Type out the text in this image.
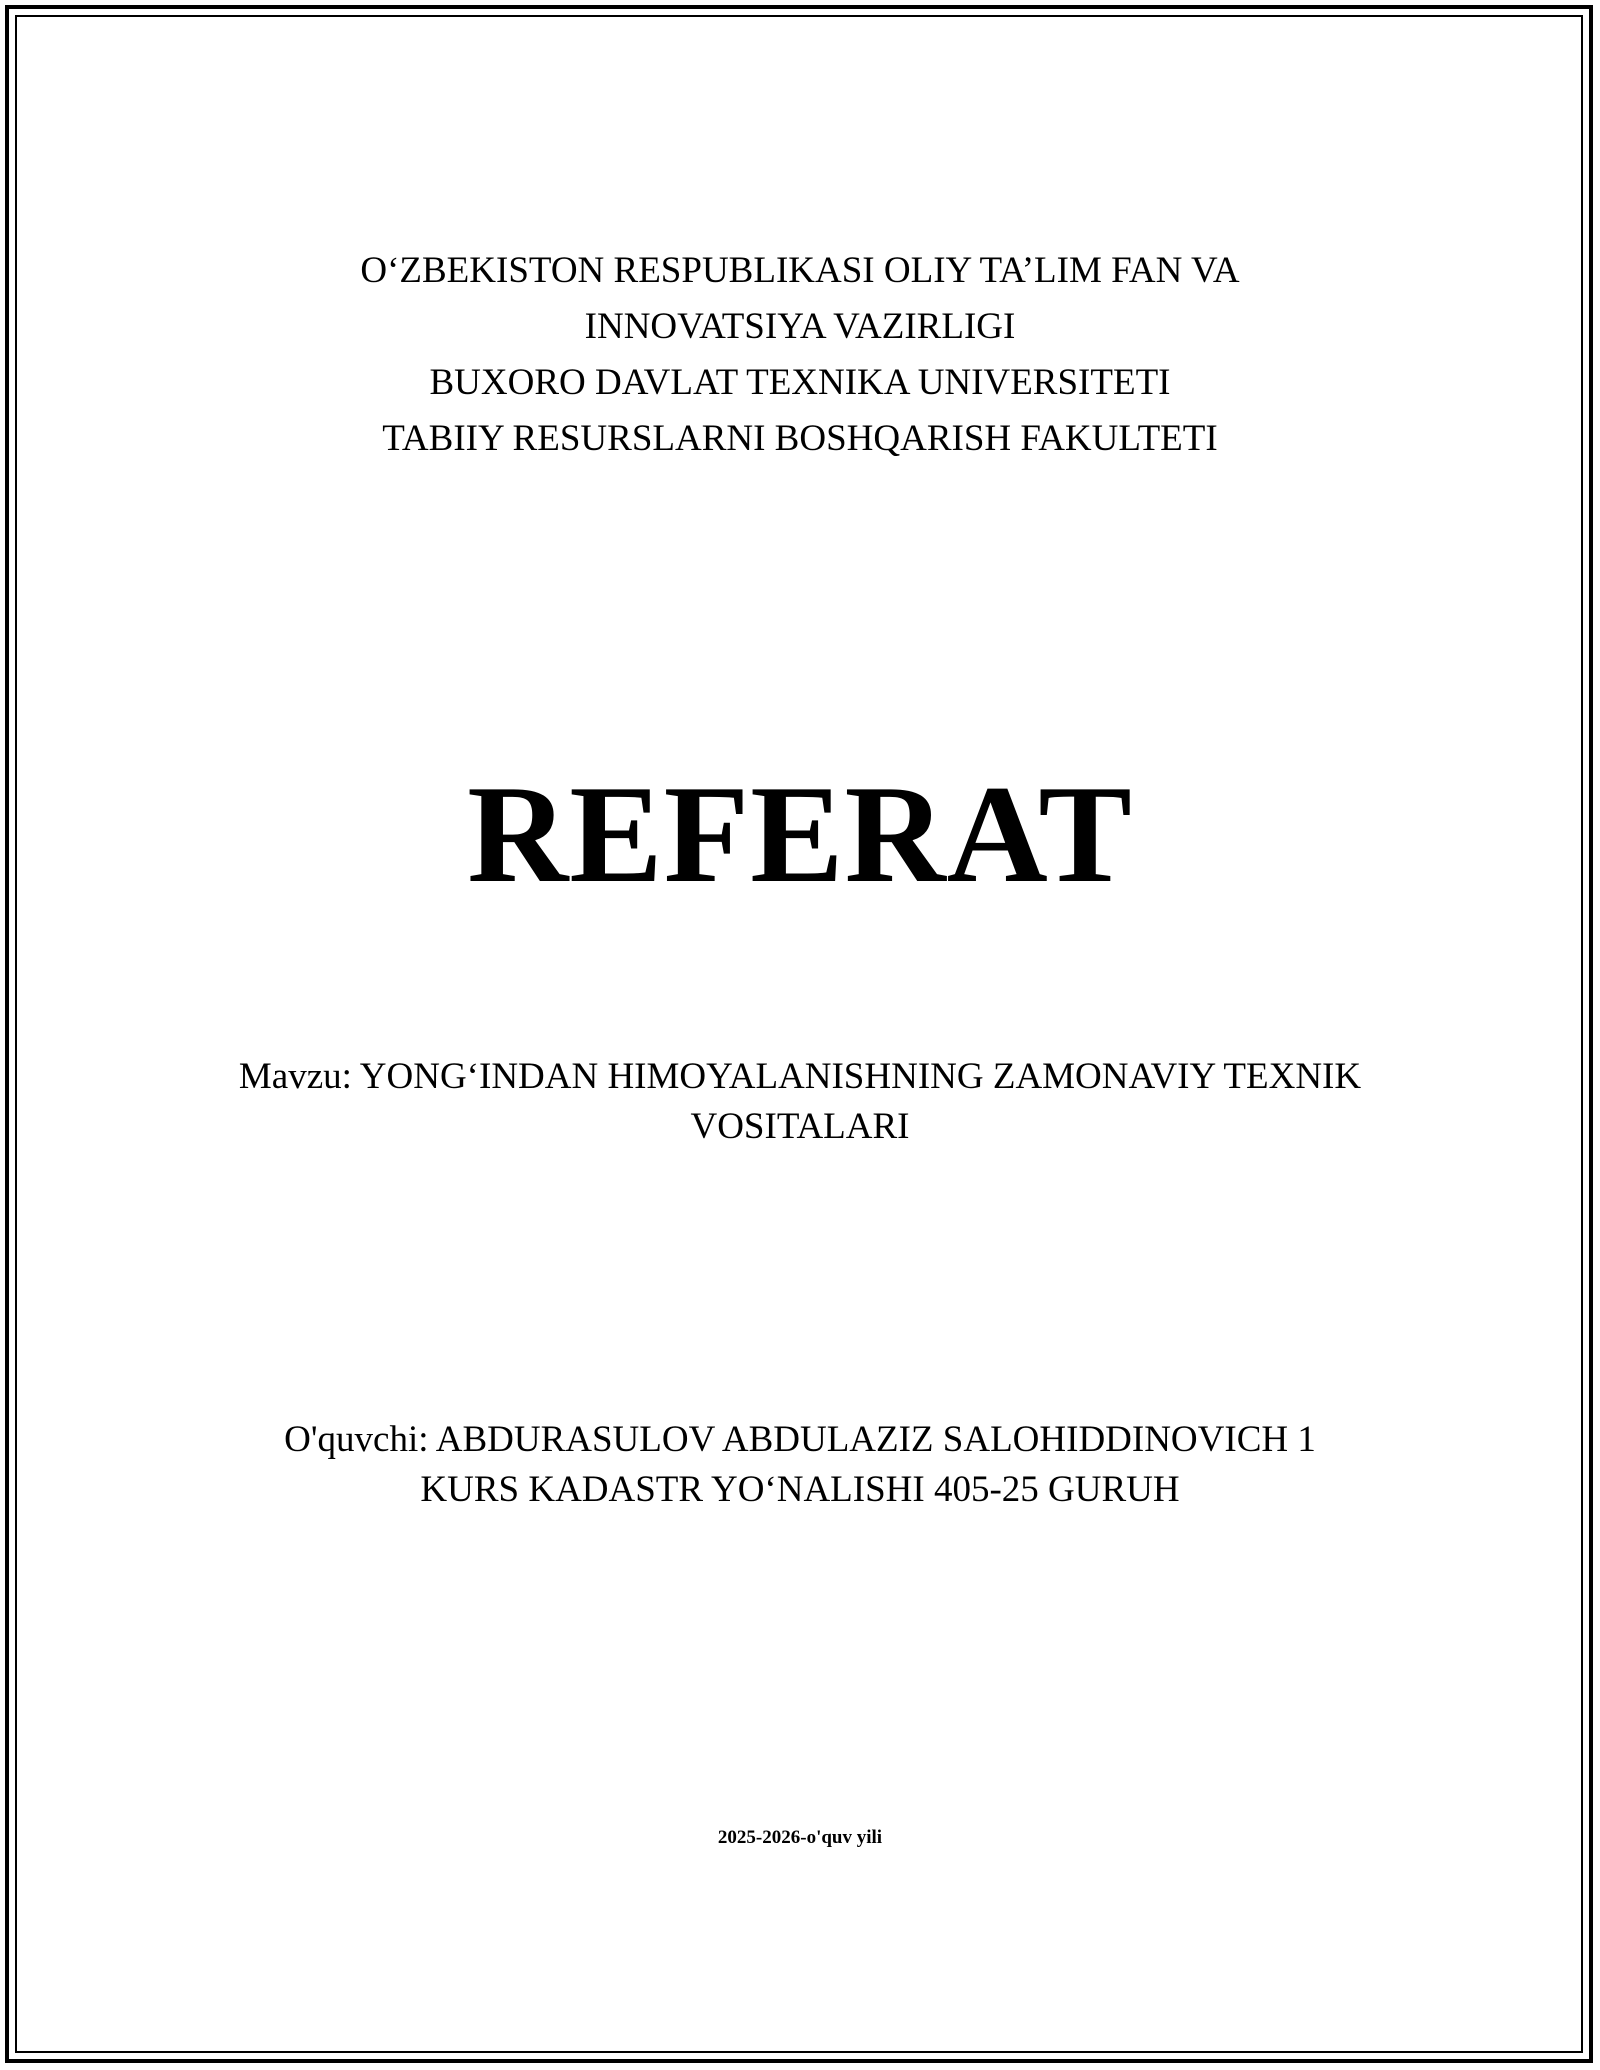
O‘ZBEKISTON RESPUBLIKASI OLIY TA’LIM FAN VA
INNOVATSIYA VAZIRLIGI
BUXORO DAVLAT TEXNIKA UNIVERSITETI
TABIIY RESURSLARNI BOSHQARISH FAKULTETI
REFERAT
Mavzu: YONG‘INDAN HIMOYALANISHNING ZAMONAVIY TEXNIK
VOSITALARI
O'quvchi: ABDURASULOV ABDULAZIZ SALOHIDDINOVICH 1
KURS KADASTR YO‘NALISHI 405-25 GURUH
2025-2026-o'quv yili
